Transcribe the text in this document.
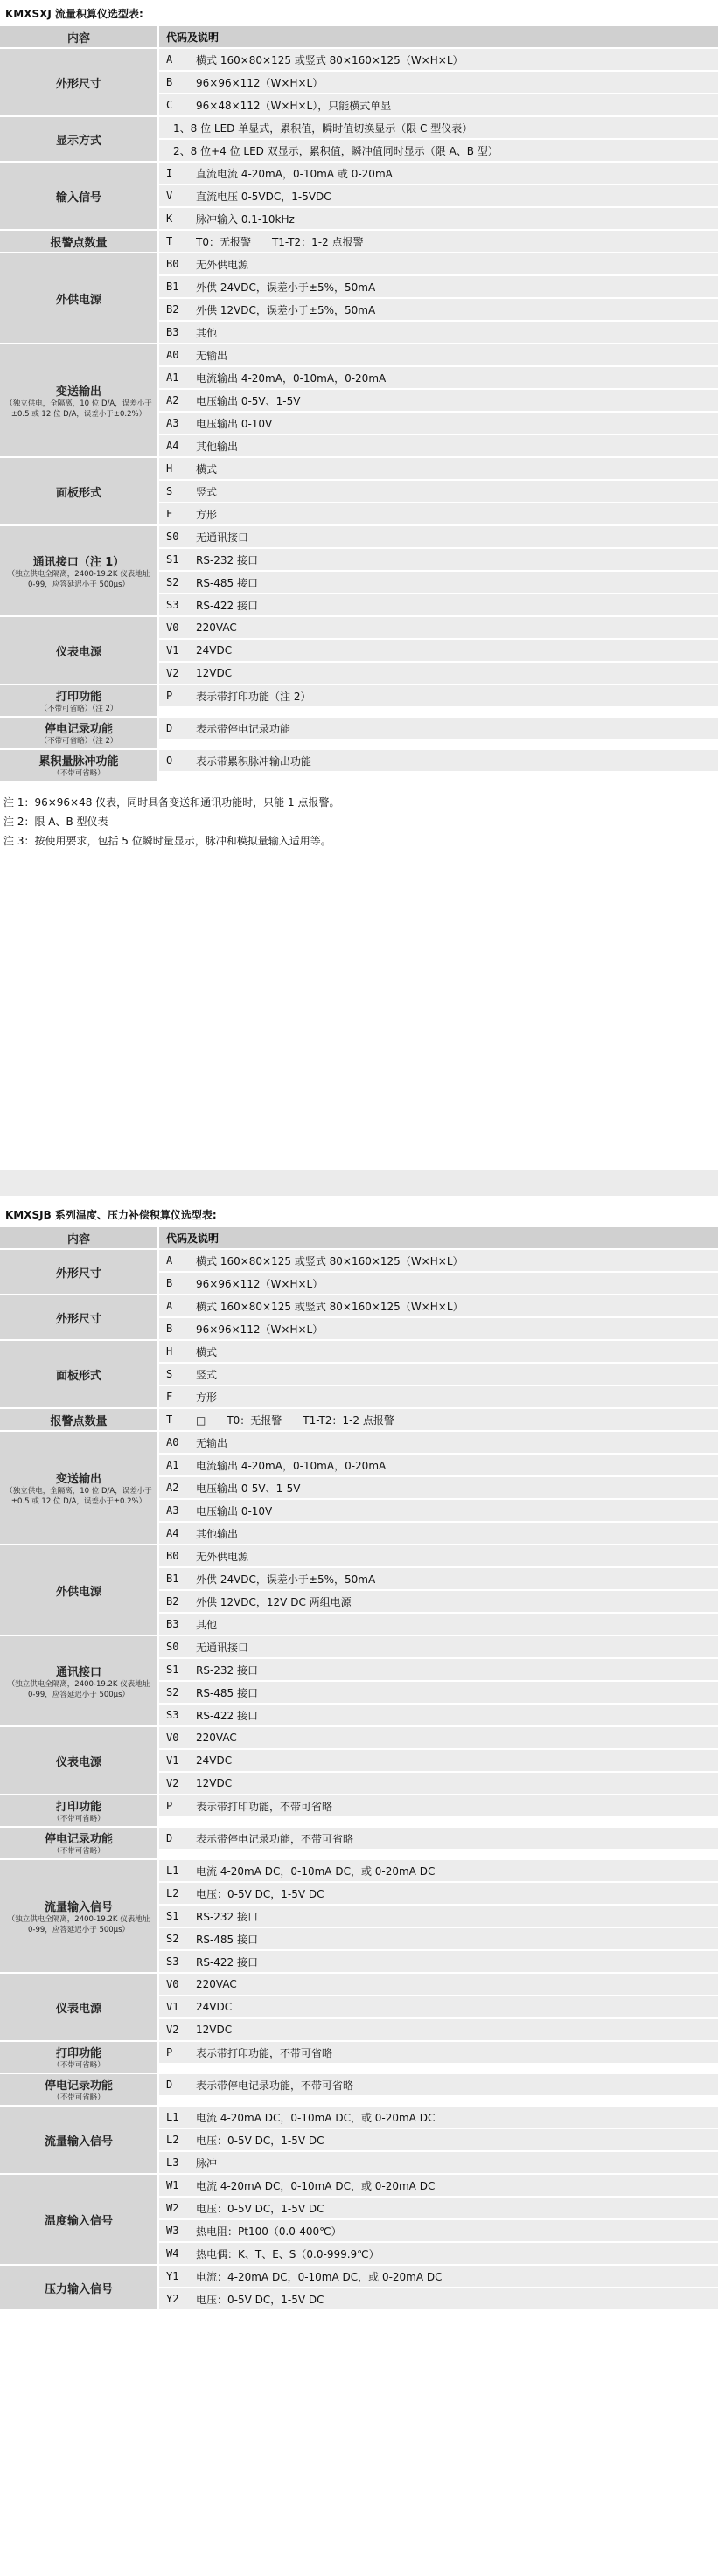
KMXSXJ 流量积算仪选型表:
内容	代码及说明
外形尺寸
A	横式 160×80×125 或竖式 80×160×125（W×H×L）
B	96×96×112（W×H×L）
C	96×48×112（W×H×L），只能横式单显
显示方式
1、8 位 LED 单显式，累积值，瞬时值切换显示（限 C 型仪表）
2、8 位+4 位 LED 双显示，累积值，瞬冲值同时显示（限 A、B 型）
输入信号
I	直流电流 4-20mA，0-10mA 或 0-20mA
V	直流电压 0-5VDC，1-5VDC
K	脉冲输入 0.1-10kHz
报警点数量	T	T0：无报警　　T1-T2：1-2 点报警
外供电源
B0	无外供电源
B1	外供 24VDC，误差小于±5%，50mA
B2	外供 12VDC，误差小于±5%，50mA
B3	其他
变送输出
（独立供电，全隔离，10 位 D/A，误差小于±0.5 或 12 位 D/A，误差小于±0.2%）
A0	无输出
A1	电流输出 4-20mA，0-10mA，0-20mA
A2	电压输出 0-5V、1-5V
A3	电压输出 0-10V
A4	其他输出
面板形式
H	横式
S	竖式
F	方形
通讯接口（注 1）
（独立供电全隔离，2400-19.2K 仪表地址 0-99，应答延迟小于 500μs）
S0	无通讯接口
S1	RS-232 接口
S2	RS-485 接口
S3	RS-422 接口
仪表电源
V0	220VAC
V1	24VDC
V2	12VDC
打印功能
（不带可省略）（注 2）
P	表示带打印功能（注 2）
停电记录功能
（不带可省略）（注 2）
D	表示带停电记录功能
累积量脉冲功能
（不带可省略）
O	表示带累积脉冲输出功能
注 1：96×96×48 仪表，同时具备变送和通讯功能时，只能 1 点报警。
注 2：限 A、B 型仪表
注 3：按使用要求，包括 5 位瞬时量显示，脉冲和模拟量输入适用等。
KMXSJB 系列温度、压力补偿积算仪选型表:
内容	代码及说明
外形尺寸
A	横式 160×80×125 或竖式 80×160×125（W×H×L）
B	96×96×112（W×H×L）
外形尺寸
A	横式 160×80×125 或竖式 80×160×125（W×H×L）
B	96×96×112（W×H×L）
面板形式
H	横式
S	竖式
F	方形
报警点数量	T	□　　T0：无报警　　T1-T2：1-2 点报警
变送输出
（独立供电，全隔离，10 位 D/A，误差小于±0.5 或 12 位 D/A，误差小于±0.2%）
A0	无输出
A1	电流输出 4-20mA，0-10mA，0-20mA
A2	电压输出 0-5V、1-5V
A3	电压输出 0-10V
A4	其他输出
外供电源
B0	无外供电源
B1	外供 24VDC，误差小于±5%，50mA
B2	外供 12VDC，12V DC 两组电源
B3	其他
通讯接口
（独立供电全隔离，2400-19.2K 仪表地址 0-99，应答延迟小于 500μs）
S0	无通讯接口
S1	RS-232 接口
S2	RS-485 接口
S3	RS-422 接口
仪表电源
V0	220VAC
V1	24VDC
V2	12VDC
打印功能
（不带可省略）
P	表示带打印功能，不带可省略
停电记录功能
（不带可省略）
D	表示带停电记录功能，不带可省略
流量输入信号
（独立供电全隔离，2400-19.2K 仪表地址 0-99，应答延迟小于 500μs）
L1	电流 4-20mA DC，0-10mA DC，或 0-20mA DC
L2	电压：0-5V DC，1-5V DC
S1	RS-232 接口
S2	RS-485 接口
S3	RS-422 接口
仪表电源
V0	220VAC
V1	24VDC
V2	12VDC
打印功能
（不带可省略）
P	表示带打印功能，不带可省略
停电记录功能
（不带可省略）
D	表示带停电记录功能，不带可省略
流量输入信号
L1	电流 4-20mA DC，0-10mA DC，或 0-20mA DC
L2	电压：0-5V DC，1-5V DC
L3	脉冲
温度输入信号
W1	电流 4-20mA DC，0-10mA DC，或 0-20mA DC
W2	电压：0-5V DC，1-5V DC
W3	热电阻：Pt100（0.0-400℃）
W4	热电偶：K、T、E、S（0.0-999.9℃）
压力输入信号
Y1	电流：4-20mA DC，0-10mA DC，或 0-20mA DC
Y2	电压：0-5V DC，1-5V DC
